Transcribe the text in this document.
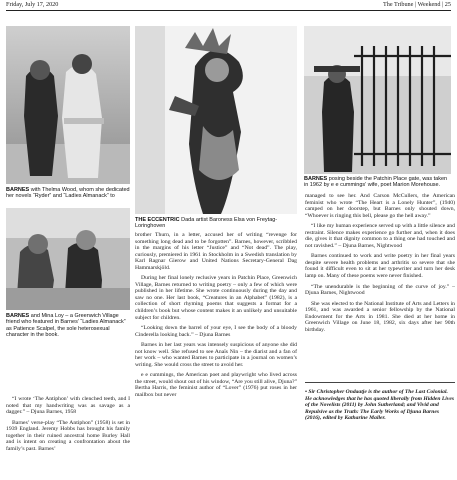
Friday, July 17, 2020	The Tribune | Weekend | 25
BARNES with Thelma Wood, whom she dedicated her novels “Ryder” and “Ladies Almanack” to
THE ECCENTRIC Dada artist Baroness Elsa von Freytag-Loringhoven
BARNES posing beside the Patchin Place gate, was taken in 1962 by e e cummings’ wife, poet Marion Morehouse.
BARNES and Mina Loy – a Greenwich Village friend who featured in Barnes’ “Ladies Almanack” as Patience Scalpel, the sole heterosexual character in the book.

“I wrote ‘The Antiphon’ with clenched teeth, and I noted that my handwriting was as savage as a dagger.” – Djuna Barnes, 1958

Barnes’ verse-play “The Antiphon” (1958) is set in 1939 England. Jeremy Hobbs has brought his family together in their ruined ancestral home Burley Hall and is intent on creating a confrontation about the family’s past. Barnes’

brother Thurn, in a letter, accused her of writing “revenge for something long dead and to be forgotten”. Barnes, however, scribbled in the margins of his letter “Justice” and “Not dead”. The play, curiously, premiered in 1961 in Stockholm in a Swedish translation by Karl Ragnar Gierow and United Nations Secretary-General Dag Hammarskjöld.

During her final lonely reclusive years in Patchin Place, Greenwich Village, Barnes returned to writing poetry – only a few of which were published in her lifetime. She wrote continuously during the day and saw no one. Her last book, “Creatures in an Alphabet” (1982), is a collection of short rhyming poems that suggests a format for a children’s book but whose content makes it an unlikely and unsuitable subject for children.

“Looking down the barrel of your eye, I see the body of a bloody Cinderella looking back.” – Djuna Barnes

Barnes in her last years was intensely suspicious of anyone she did not know well. She refused to see Anaïs Nin – the diarist and a fan of her work – who wanted Barnes to participate in a journal on women’s writing. She would cross the street to avoid her.

e e cummings, the American poet and playwright who lived across the street, would shout out of his window, “Are you still alive, Djuna?” Bertha Harris, the feminist author of “Lover” (1976) put roses in her mailbox but never

managed to see her. And Carson McCullers, the American feminist who wrote “The Heart is a Lonely Hunter”, (1940) camped on her doorstep, but Barnes only shouted down, “Whoever is ringing this bell, please go the hell away.”

“I like my human experience served up with a little silence and restraint. Silence makes experience go further and, when it does die, gives it that dignity common to a thing one had touched and not ravished.” – Djuna Barnes, Nightwood

Barnes continued to work and write poetry in her final years despite severe health problems and arthritis so severe that she found it difficult even to sit at her typewriter and turn her desk lamp on. Many of these poems were never finished.

“The unendurable is the beginning of the curve of joy.” – Djuna Barnes, Nightwood

She was elected to the National Institute of Arts and Letters in 1961, and was awarded a senior fellowship by the National Endowment for the Arts in 1981. She died at her home in Greenwich Village on June 18, 1982, six days after her 90th birthday.

• Sir Christopher Ondaatje is the author of The Last Colonial. He acknowledges that he has quoted liberally from Hidden Lives of the Novelists (2011) by John Sutherland; and Vivid and Repulsive as the Truth: The Early Works of Djuna Barnes (2016), edited by Katharine Maller.
